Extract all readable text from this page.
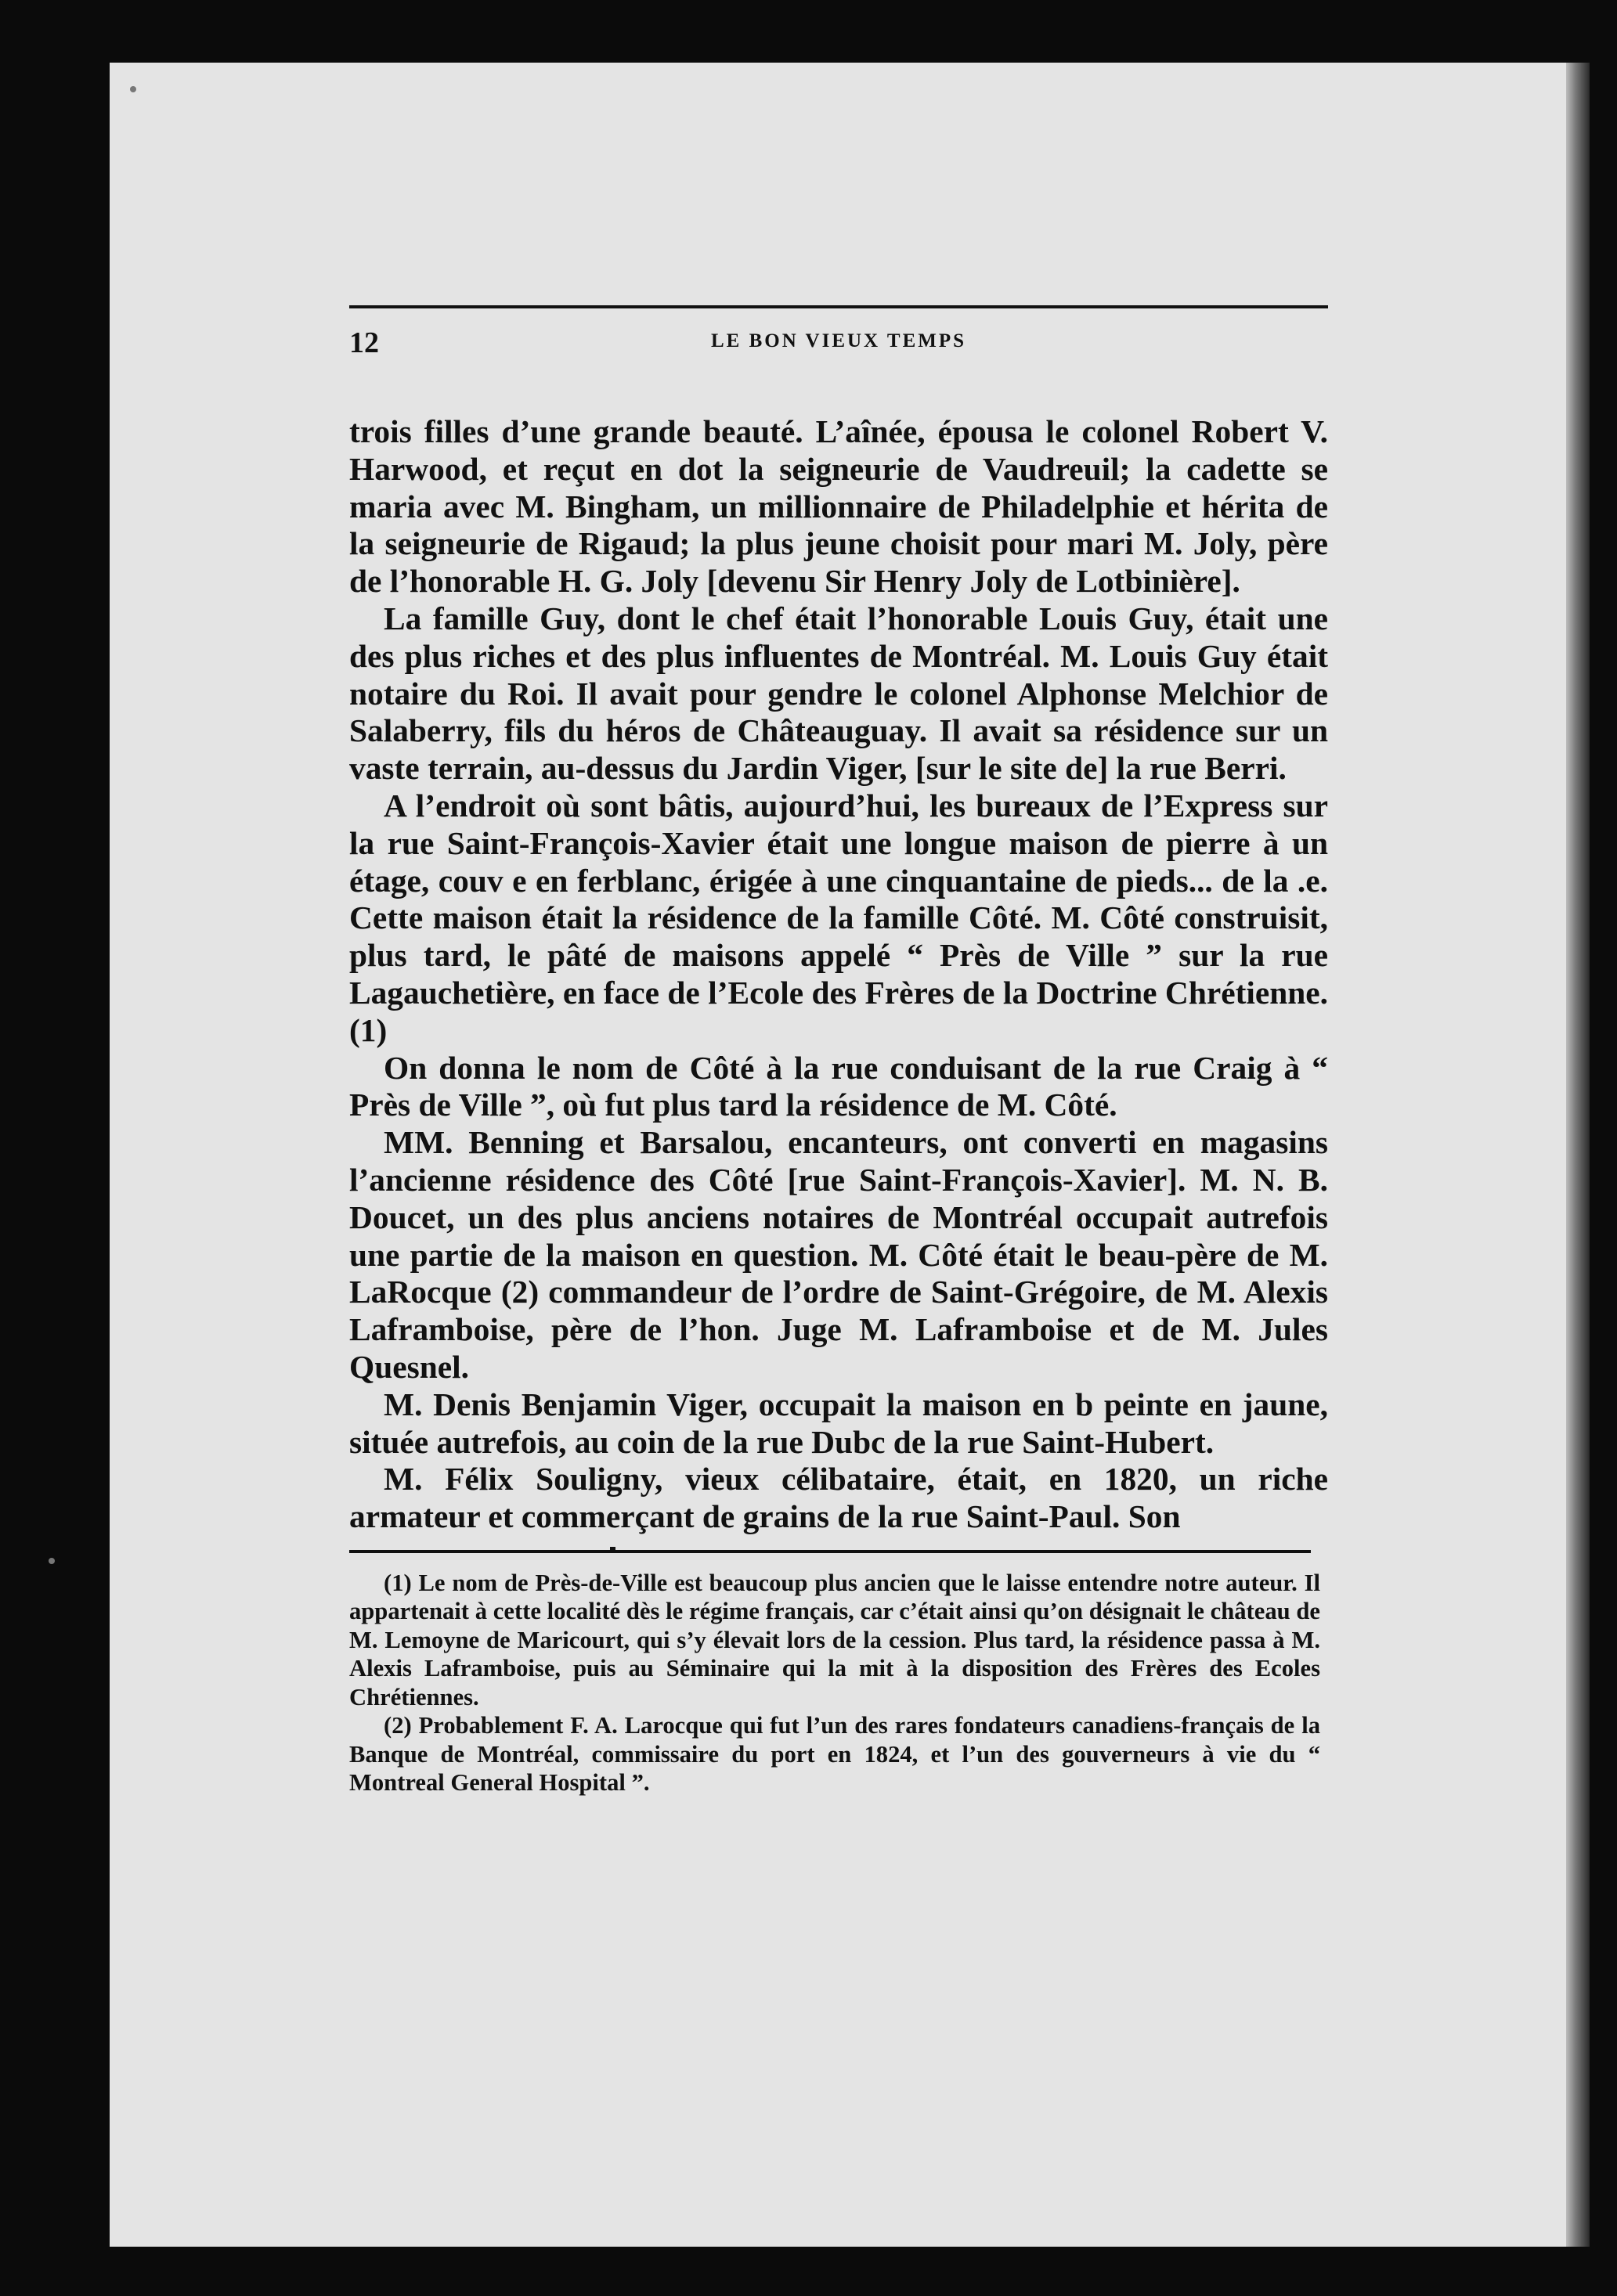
12	LE BON VIEUX TEMPS

trois filles d’une grande beauté. L’aînée, épousa le colonel Robert V. Harwood, et reçut en dot la seigneurie de Vaudreuil; la cadette se maria avec M. Bingham, un millionnaire de Philadelphie et hérita de la seigneurie de Rigaud; la plus jeune choisit pour mari M. Joly, père de l’honorable H. G. Joly [devenu Sir Henry Joly de Lotbinière].

La famille Guy, dont le chef était l’honorable Louis Guy, était une des plus riches et des plus influentes de Montréal. M. Louis Guy était notaire du Roi. Il avait pour gendre le colonel Alphonse Melchior de Salaberry, fils du héros de Châteauguay. Il avait sa résidence sur un vaste terrain, au-dessus du Jardin Viger, [sur le site de] la rue Berri.

A l’endroit où sont bâtis, aujourd’hui, les bureaux de l’Express sur la rue Saint-François-Xavier était une longue maison de pierre à un étage, couv e en ferblanc, érigée à une cinquantaine de pieds... de la .e. Cette maison était la résidence de la famille Côté. M. Côté construisit, plus tard, le pâté de maisons appelé “ Près de Ville ” sur la rue Lagauchetière, en face de l’Ecole des Frères de la Doctrine Chrétienne.(1)

On donna le nom de Côté à la rue conduisant de la rue Craig à “ Près de Ville ”, où fut plus tard la résidence de M. Côté.

MM. Benning et Barsalou, encanteurs, ont converti en magasins l’ancienne résidence des Côté [rue Saint-François-Xavier]. M. N. B. Doucet, un des plus anciens notaires de Montréal occupait autrefois une partie de la maison en question. M. Côté était le beau-père de M. LaRocque (2) commandeur de l’ordre de Saint-Grégoire, de M. Alexis Laframboise, père de l’hon. Juge M. Laframboise et de M. Jules Quesnel.

M. Denis Benjamin Viger, occupait la maison en b peinte en jaune, située autrefois, au coin de la rue Dubc de la rue Saint-Hubert.

M. Félix Souligny, vieux célibataire, était, en 1820, un riche armateur et commerçant de grains de la rue Saint-Paul. Son

(1) Le nom de Près-de-Ville est beaucoup plus ancien que le laisse entendre notre auteur. Il appartenait à cette localité dès le régime français, car c’était ainsi qu’on désignait le château de M. Lemoyne de Maricourt, qui s’y élevait lors de la cession. Plus tard, la résidence passa à M. Alexis Laframboise, puis au Séminaire qui la mit à la disposition des Frères des Ecoles Chrétiennes.

(2) Probablement F. A. Larocque qui fut l’un des rares fondateurs canadiens-français de la Banque de Montréal, commissaire du port en 1824, et l’un des gouverneurs à vie du “ Montreal General Hospital ”.
